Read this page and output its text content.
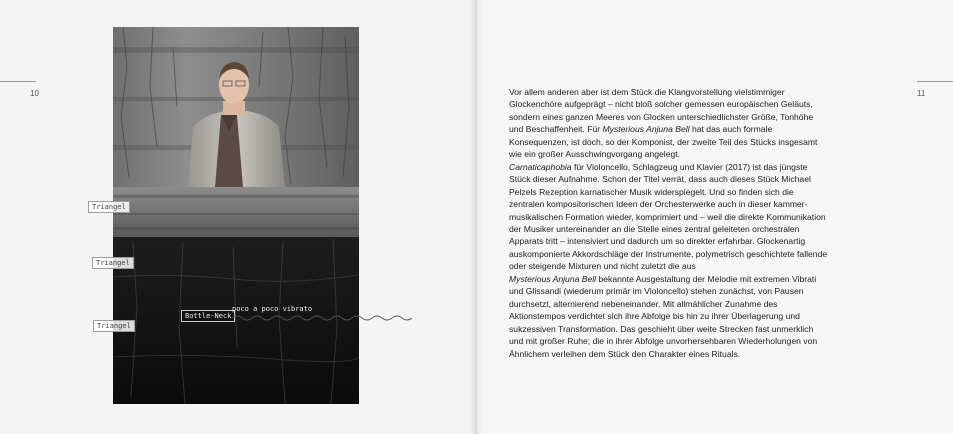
10
Triangel
Triangel
Triangel
Bottle-Neck
poco a poco vibrato
11
Vor allem anderen aber ist dem Stück die Klangvorstellung vielstimmiger Glockenchöre aufgeprägt – nicht bloß solcher gemessen europäischen Geläuts, sondern eines ganzen Meeres von Glocken unterschiedlichster Größe, Tonhöhe und Beschaffenheit. Für Mysterious Anjuna Bell hat das auch formale Konsequenzen, ist doch, so der Komponist, der zweite Teil des Stücks insgesamt wie ein großer Ausschwingvorgang angelegt.
Carnaticaphobia für Violoncello, Schlagzeug und Klavier (2017) ist das jüngste Stück dieser Aufnahme. Schon der Titel verrät, dass auch dieses Stück Michael Pelzels Rezeption karnatischer Musik widerspiegelt. Und so finden sich die zentralen kompositorischen Ideen der Orchesterwerke auch in dieser kammermusikalischen Formation wieder, komprimiert und – weil die direkte Kommunikation der Musiker untereinander an die Stelle eines zentral geleiteten orchestralen Apparats tritt – intensiviert und dadurch um so direkter erfahrbar. Glockenartig auskomponierte Akkordschläge der Instrumente, polymetrisch geschichtete fallende oder steigende Mixturen und nicht zuletzt die aus
Mysterious Anjuna Bell bekannte Ausgestaltung der Melodie mit extremen Vibrati und Glissandi (wiederum primär im Violoncello) stehen zunächst, von Pausen durchsetzt, alternierend nebeneinander. Mit allmählicher Zunahme des Aktionstempos verdichtet sich ihre Abfolge bis hin zu ihrer Überlagerung und sukzessiven Transformation. Das geschieht über weite Strecken fast unmerklich und mit großer Ruhe; die in ihrer Abfolge unvorhersehbaren Wiederholungen von Ähnlichem verleihen dem Stück den Charakter eines Rituals.
